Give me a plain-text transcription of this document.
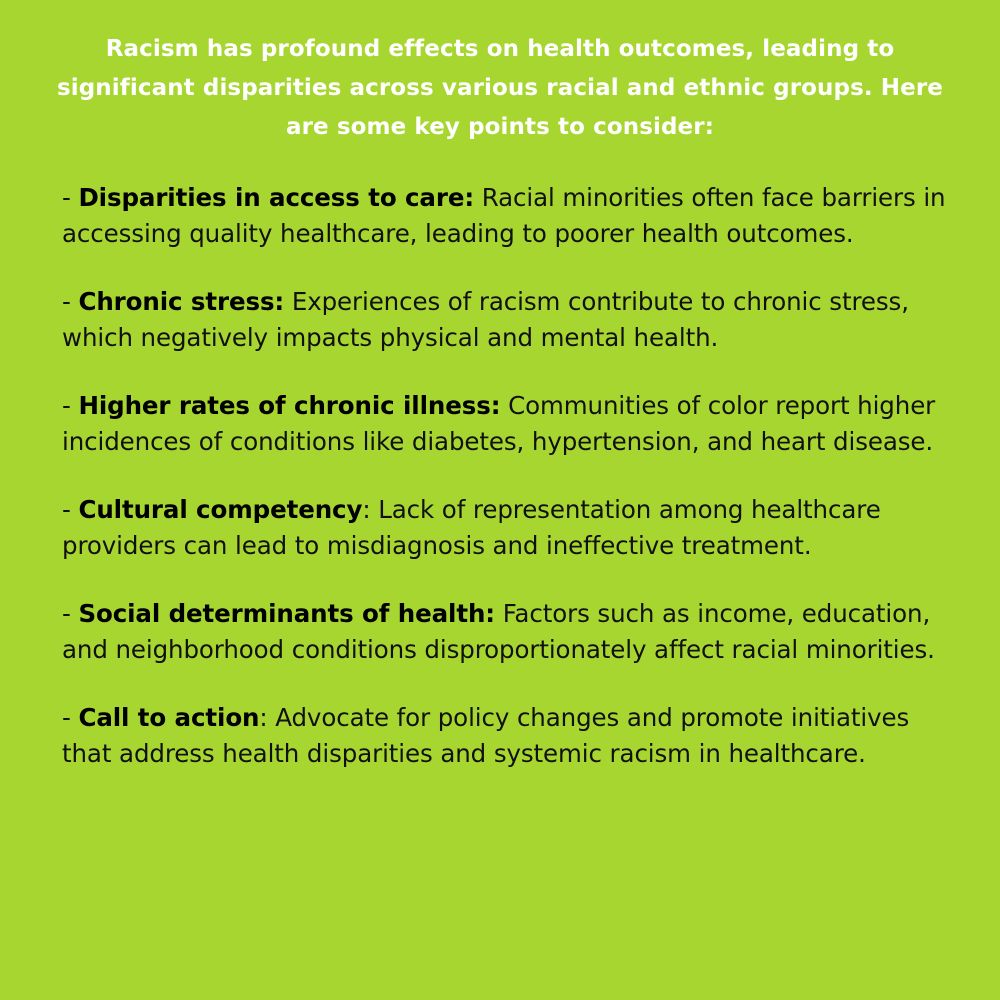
Racism has profound effects on health outcomes, leading to significant disparities across various racial and ethnic groups. Here are some key points to consider:

- Disparities in access to care: Racial minorities often face barriers in accessing quality healthcare, leading to poorer health outcomes.

- Chronic stress: Experiences of racism contribute to chronic stress, which negatively impacts physical and mental health.

- Higher rates of chronic illness: Communities of color report higher incidences of conditions like diabetes, hypertension, and heart disease.

- Cultural competency: Lack of representation among healthcare providers can lead to misdiagnosis and ineffective treatment.

- Social determinants of health: Factors such as income, education, and neighborhood conditions disproportionately affect racial minorities.

- Call to action: Advocate for policy changes and promote initiatives that address health disparities and systemic racism in healthcare.
